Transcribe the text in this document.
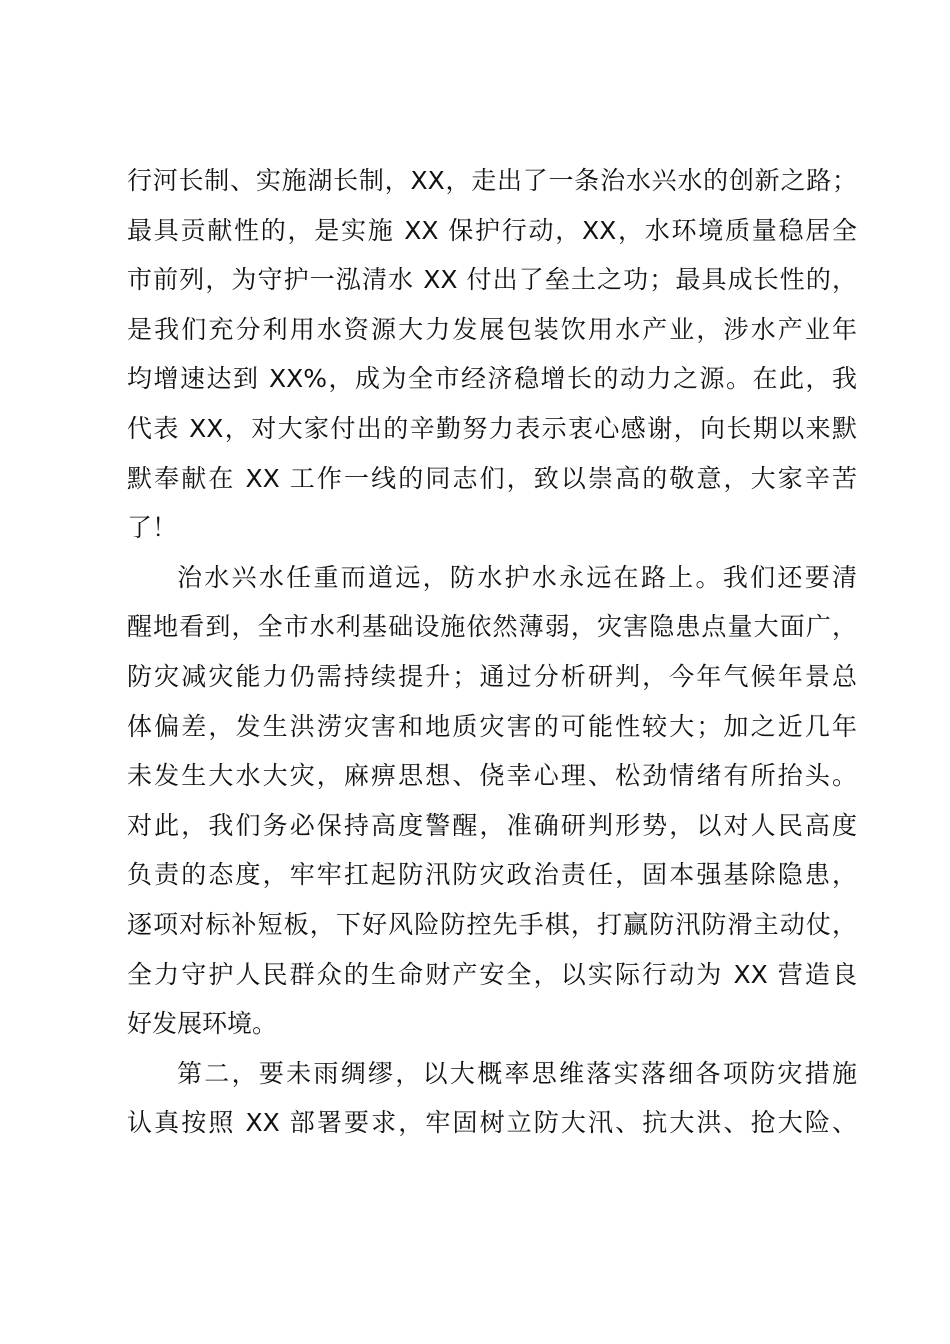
行河长制、实施湖长制，XX，走出了一条治水兴水的创新之路；
最具贡献性的，是实施 XX 保护行动，XX，水环境质量稳居全
市前列，为守护一泓清水 XX 付出了垒土之功；最具成长性的，
是我们充分利用水资源大力发展包装饮用水产业，涉水产业年
均增速达到 XX%，成为全市经济稳增长的动力之源。在此，我
代表 XX，对大家付出的辛勤努力表示衷心感谢，向长期以来默
默奉献在 XX 工作一线的同志们，致以崇高的敬意，大家辛苦
了！
治水兴水任重而道远，防水护水永远在路上。我们还要清
醒地看到，全市水利基础设施依然薄弱，灾害隐患点量大面广，
防灾减灾能力仍需持续提升；通过分析研判，今年气候年景总
体偏差，发生洪涝灾害和地质灾害的可能性较大；加之近几年
未发生大水大灾，麻痹思想、侥幸心理、松劲情绪有所抬头。
对此，我们务必保持高度警醒，准确研判形势，以对人民高度
负责的态度，牢牢扛起防汛防灾政治责任，固本强基除隐患，
逐项对标补短板，下好风险防控先手棋，打赢防汛防滑主动仗，
全力守护人民群众的生命财产安全，以实际行动为 XX 营造良
好发展环境。
第二，要未雨绸缪，以大概率思维落实落细各项防灾措施
认真按照 XX 部署要求，牢固树立防大汛、抗大洪、抢大险、
